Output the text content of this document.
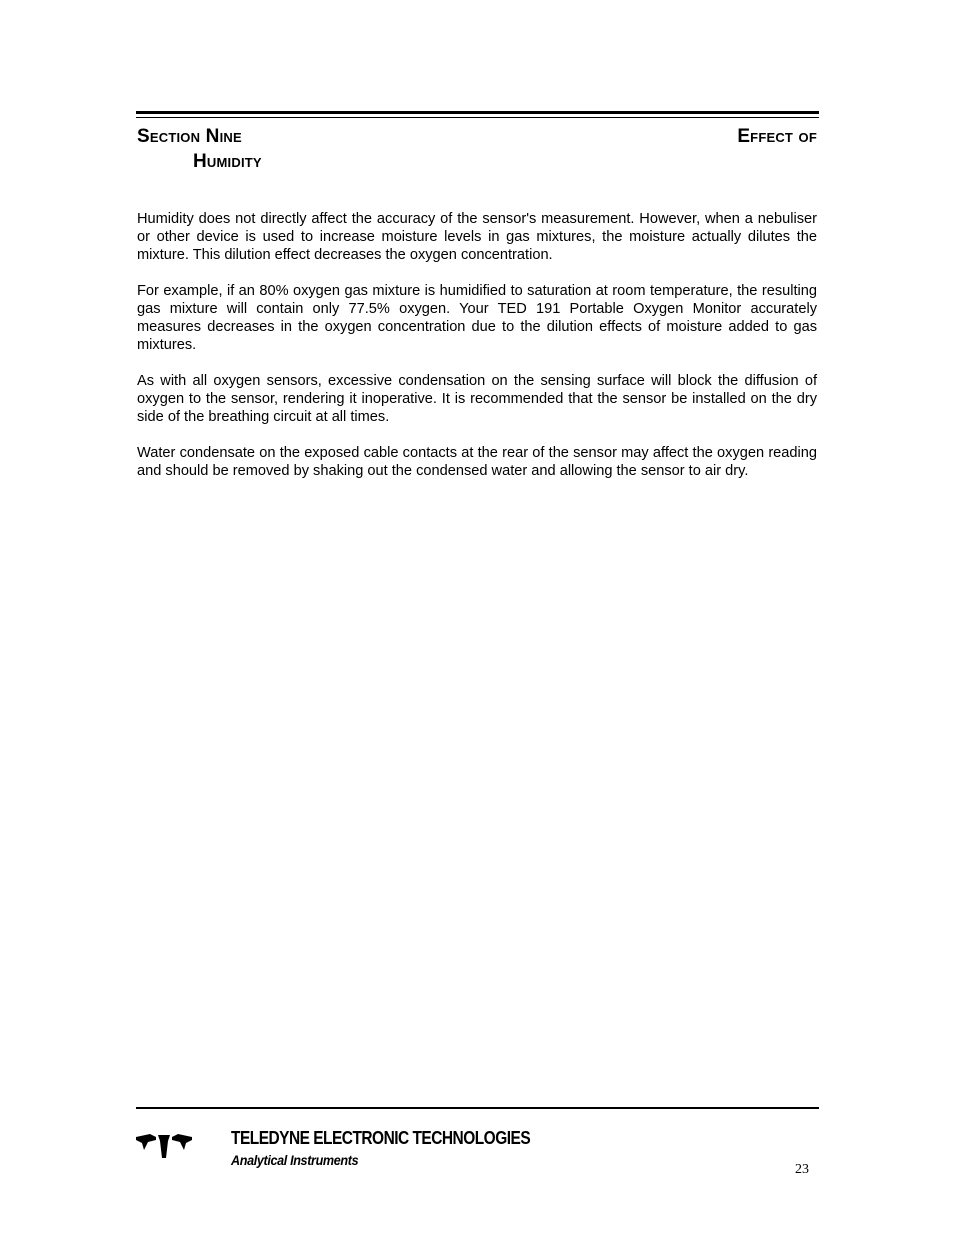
Section Nine	Effect of
Humidity

Humidity does not directly affect the accuracy of the sensor's measurement. However, when a nebuliser or other device is used to increase moisture levels in gas mixtures, the moisture actually dilutes the mixture. This dilution effect decreases the oxygen concentration.

For example, if an 80% oxygen gas mixture is humidified to saturation at room temperature, the resulting gas mixture will contain only 77.5% oxygen. Your TED 191 Portable Oxygen Monitor accurately measures decreases in the oxygen concentration due to the dilution effects of moisture added to gas mixtures.

As with all oxygen sensors, excessive condensation on the sensing surface will block the diffusion of oxygen to the sensor, rendering it inoperative. It is recommended that the sensor be installed on the dry side of the breathing circuit at all times.

Water condensate on the exposed cable contacts at the rear of the sensor may affect the oxygen reading and should be removed by shaking out the condensed water and allowing the sensor to air dry.

TELEDYNE ELECTRONIC TECHNOLOGIES
Analytical Instruments
23
